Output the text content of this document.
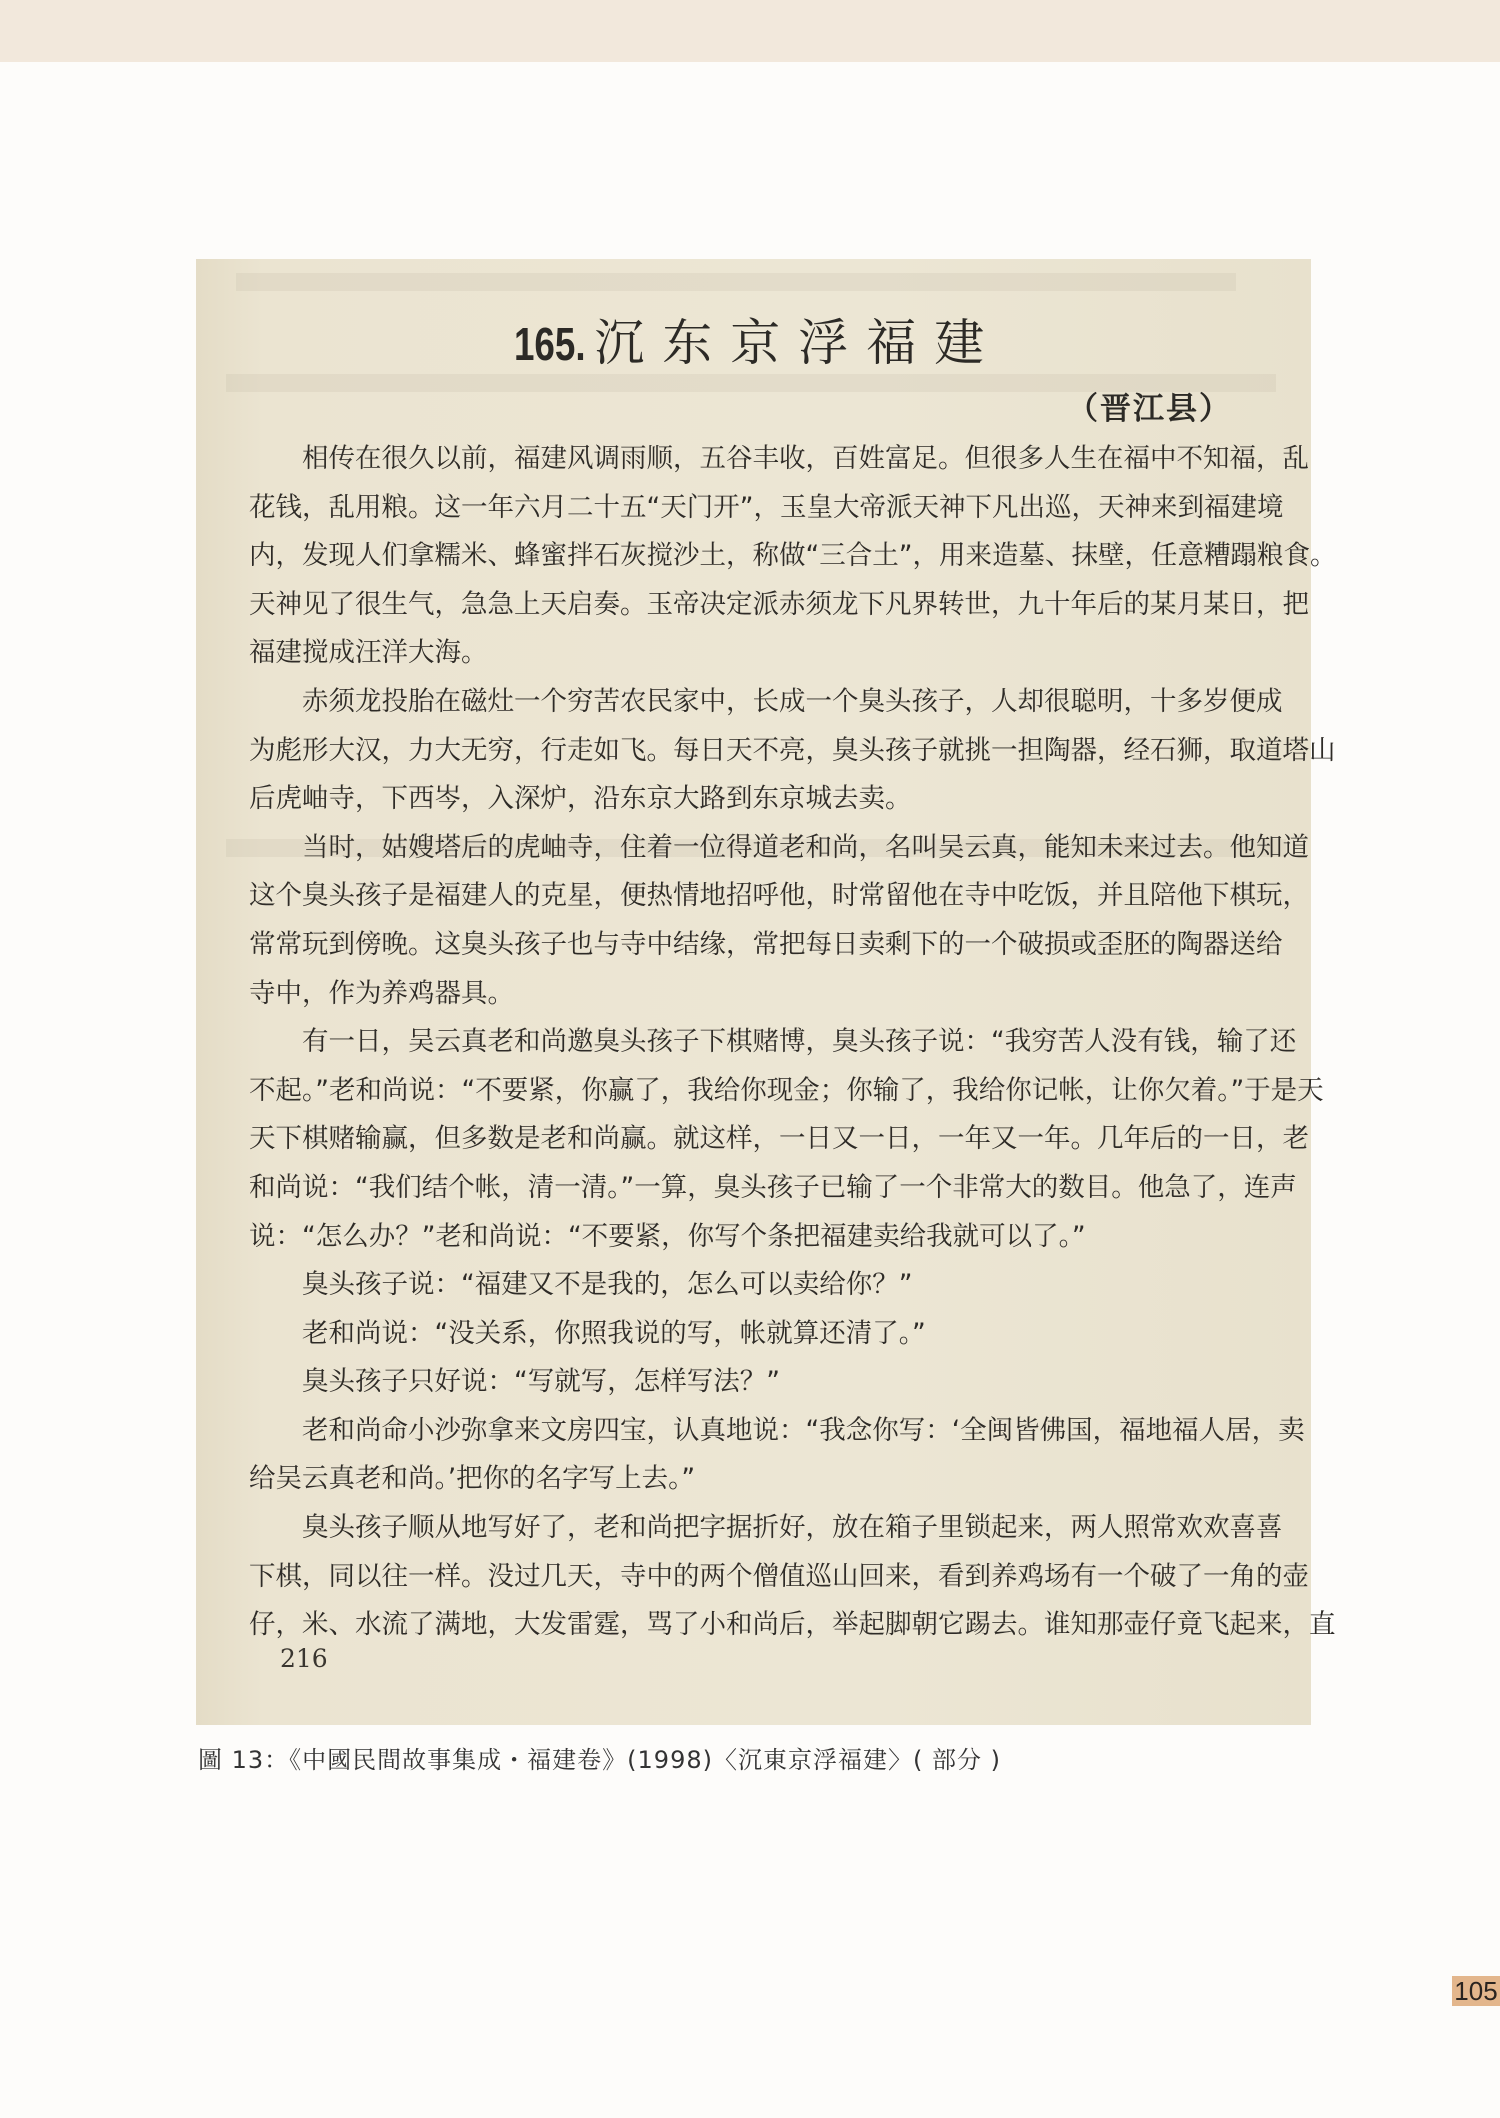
165. 沉东京浮福建
（晋江县）
相传在很久以前，福建风调雨顺，五谷丰收，百姓富足。但很多人生在福中不知福，乱
花钱，乱用粮。这一年六月二十五“天门开”，玉皇大帝派天神下凡出巡，天神来到福建境
内，发现人们拿糯米、蜂蜜拌石灰搅沙土，称做“三合土”，用来造墓、抹壁，任意糟蹋粮食。
天神见了很生气，急急上天启奏。玉帝决定派赤须龙下凡界转世，九十年后的某月某日，把
福建搅成汪洋大海。
赤须龙投胎在磁灶一个穷苦农民家中，长成一个臭头孩子，人却很聪明，十多岁便成
为彪形大汉，力大无穷，行走如飞。每日天不亮，臭头孩子就挑一担陶器，经石狮，取道塔山
后虎岫寺，下西岑，入深炉，沿东京大路到东京城去卖。
当时，姑嫂塔后的虎岫寺，住着一位得道老和尚，名叫吴云真，能知未来过去。他知道
这个臭头孩子是福建人的克星，便热情地招呼他，时常留他在寺中吃饭，并且陪他下棋玩，
常常玩到傍晚。这臭头孩子也与寺中结缘，常把每日卖剩下的一个破损或歪胚的陶器送给
寺中，作为养鸡器具。
有一日，吴云真老和尚邀臭头孩子下棋赌博，臭头孩子说：“我穷苦人没有钱，输了还
不起。”老和尚说：“不要紧，你赢了，我给你现金；你输了，我给你记帐，让你欠着。”于是天
天下棋赌输赢，但多数是老和尚赢。就这样，一日又一日，一年又一年。几年后的一日，老
和尚说：“我们结个帐，清一清。”一算，臭头孩子已输了一个非常大的数目。他急了，连声
说：“怎么办？”老和尚说：“不要紧，你写个条把福建卖给我就可以了。”
臭头孩子说：“福建又不是我的，怎么可以卖给你？”
老和尚说：“没关系，你照我说的写，帐就算还清了。”
臭头孩子只好说：“写就写，怎样写法？”
老和尚命小沙弥拿来文房四宝，认真地说：“我念你写：‘全闽皆佛国，福地福人居，卖
给吴云真老和尚。’把你的名字写上去。”
臭头孩子顺从地写好了，老和尚把字据折好，放在箱子里锁起来，两人照常欢欢喜喜
下棋，同以往一样。没过几天，寺中的两个僧值巡山回来，看到养鸡场有一个破了一角的壶
仔，米、水流了满地，大发雷霆，骂了小和尚后，举起脚朝它踢去。谁知那壶仔竟飞起来，直
216
圖 13：《中國民間故事集成・福建卷》(1998)〈沉東京浮福建〉( 部分 )
105
